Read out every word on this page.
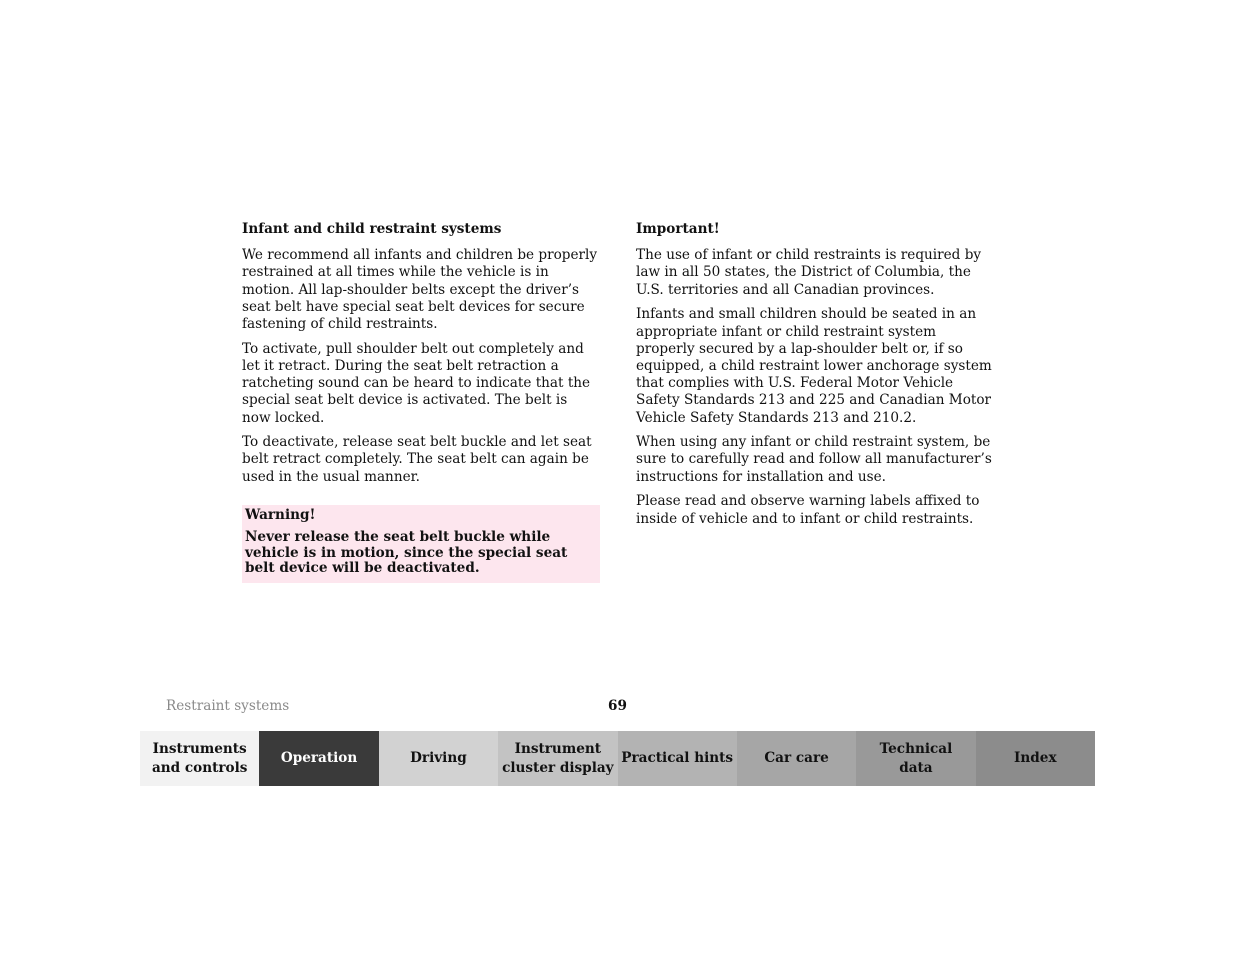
Infant and child restraint systems
We recommend all infants and children be properly restrained at all times while the vehicle is in motion. All lap-shoulder belts except the driver’s seat belt have special seat belt devices for secure fastening of child restraints.
To activate, pull shoulder belt out completely and let it retract. During the seat belt retraction a ratcheting sound can be heard to indicate that the special seat belt device is activated. The belt is now locked.
To deactivate, release seat belt buckle and let seat belt retract completely. The seat belt can again be used in the usual manner.
Warning!
Never release the seat belt buckle while vehicle is in motion, since the special seat belt device will be deactivated.
Important!
The use of infant or child restraints is required by law in all 50 states, the District of Columbia, the U.S. territories and all Canadian provinces.
Infants and small children should be seated in an appropriate infant or child restraint system properly secured by a lap-shoulder belt or, if so equipped, a child restraint lower anchorage system that complies with U.S. Federal Motor Vehicle Safety Standards 213 and 225 and Canadian Motor Vehicle Safety Standards 213 and 210.2.
When using any infant or child restraint system, be sure to carefully read and follow all manufacturer’s instructions for installation and use.
Please read and observe warning labels affixed to inside of vehicle and to infant or child restraints.
Restraint systems	69
Instruments
and controls
Operation	Driving
Instrument
cluster display
Practical hints	Car care
Technical
data
Index
